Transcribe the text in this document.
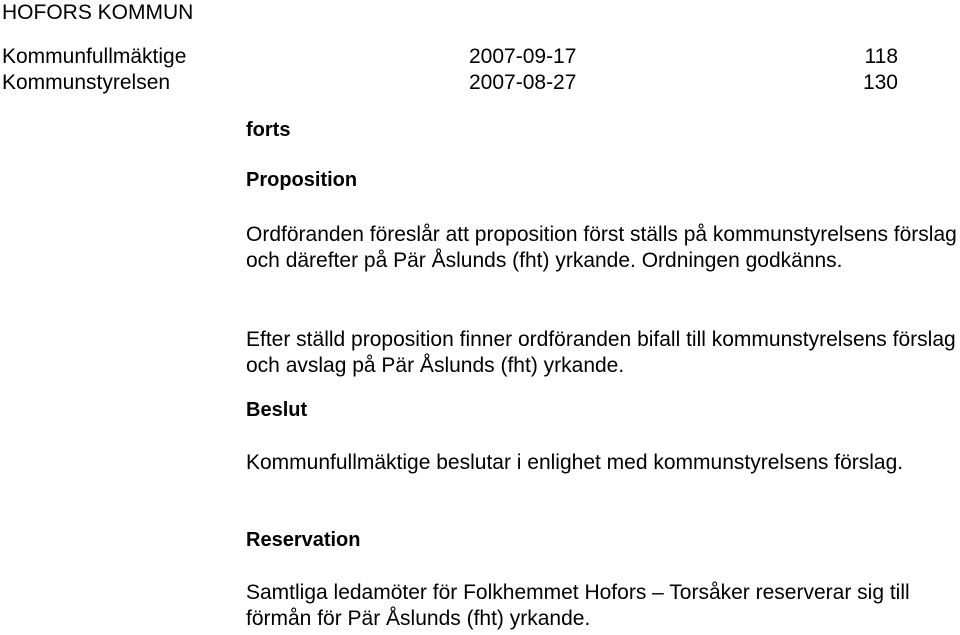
HOFORS KOMMUN
Kommunfullmäktige	2007-09-17	118
Kommunstyrelsen	2007-08-27	130
forts
Proposition

Ordföranden föreslår att proposition först ställs på kommunstyrelsens förslag och därefter på Pär Åslunds (fht) yrkande. Ordningen godkänns.

Efter ställd proposition finner ordföranden bifall till kommunstyrelsens förslag och avslag på Pär Åslunds (fht) yrkande.

Beslut

Kommunfullmäktige beslutar i enlighet med kommunstyrelsens förslag.

Reservation

Samtliga ledamöter för Folkhemmet Hofors – Torsåker reserverar sig till förmån för Pär Åslunds (fht) yrkande.
